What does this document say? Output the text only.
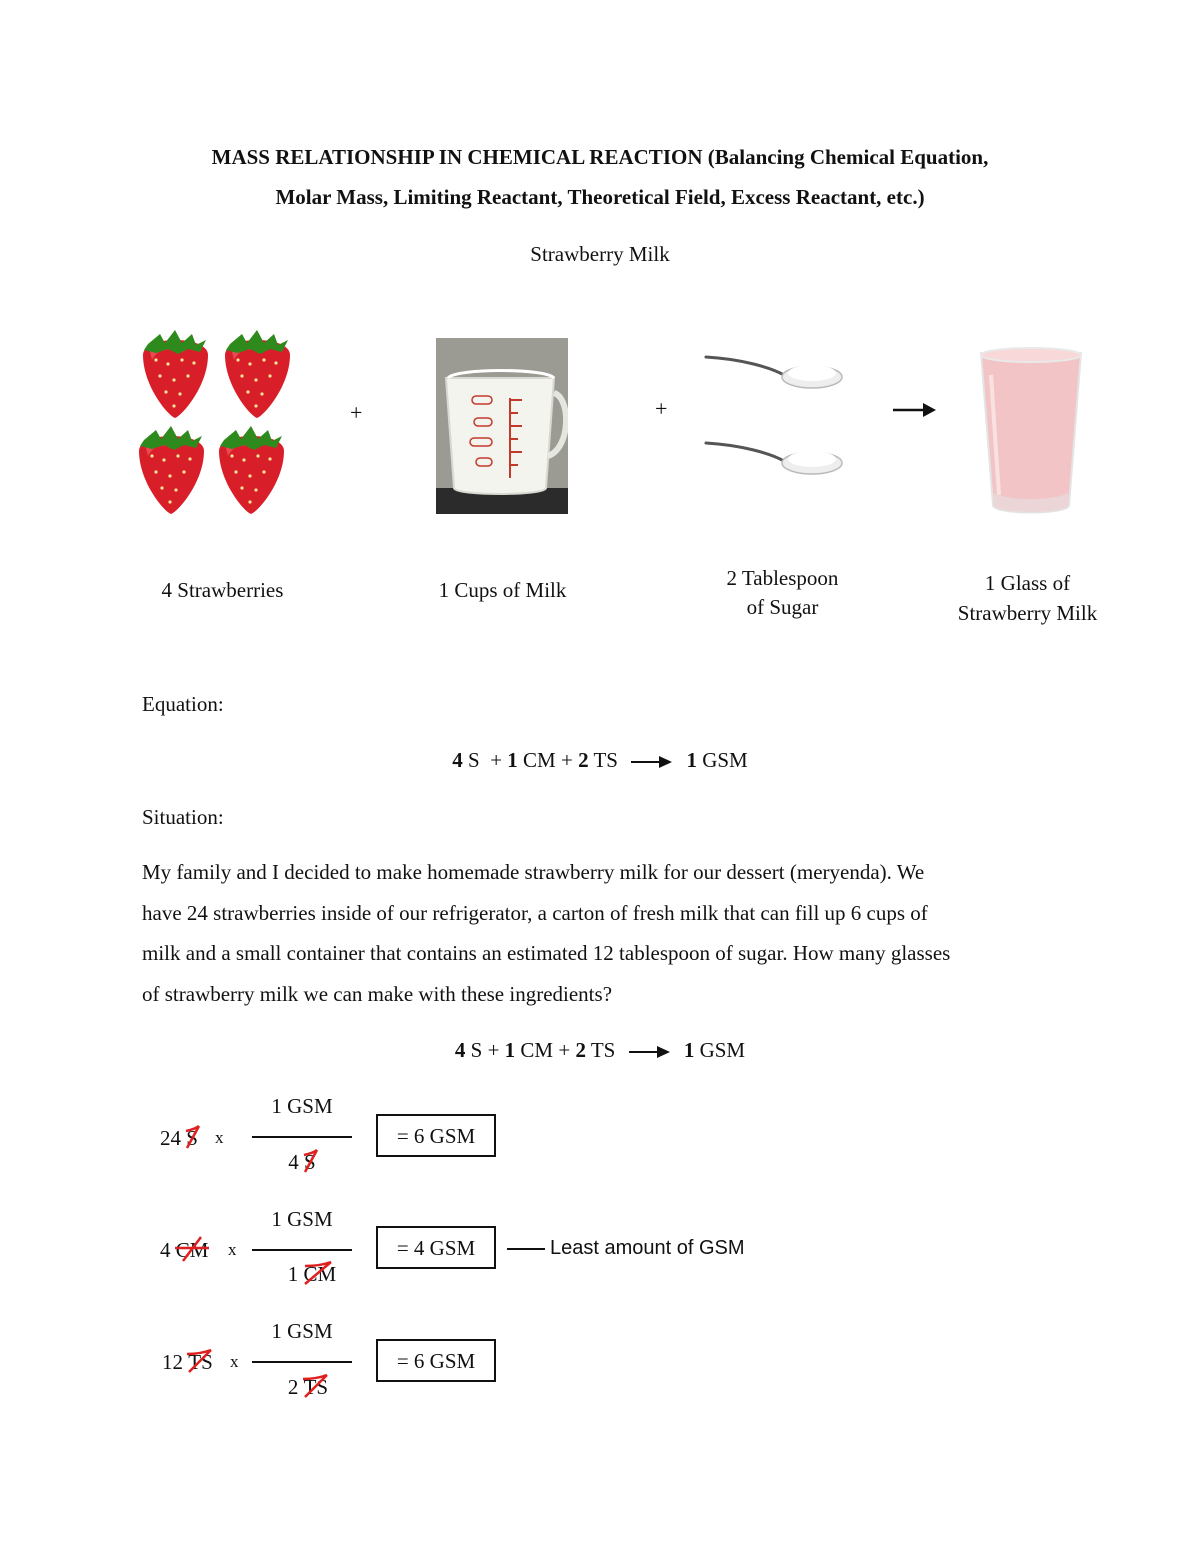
MASS RELATIONSHIP IN CHEMICAL REACTION (Balancing Chemical Equation,
Molar Mass, Limiting Reactant, Theoretical Field, Excess Reactant, etc.)
Strawberry Milk
+	+
4 Strawberries	1 Cups of Milk	2 Tablespoon
of Sugar
1 Glass of
Strawberry Milk
Equation:
4 S + 1 CM + 2 TS → 1 GSM
Situation:
My family and I decided to make homemade strawberry milk for our dessert (meryenda). We
have 24 strawberries inside of our refrigerator, a carton of fresh milk that can fill up 6 cups of
milk and a small container that contains an estimated 12 tablespoon of sugar. How many glasses
of strawberry milk we can make with these ingredients?
4 S + 1 CM + 2 TS → 1 GSM
24 S x
1 GSM
4 S
= 6 GSM
4 CM x
1 GSM
1 CM
= 4 GSM	Least amount of GSM
12 TS x
1 GSM
2 TS
= 6 GSM
